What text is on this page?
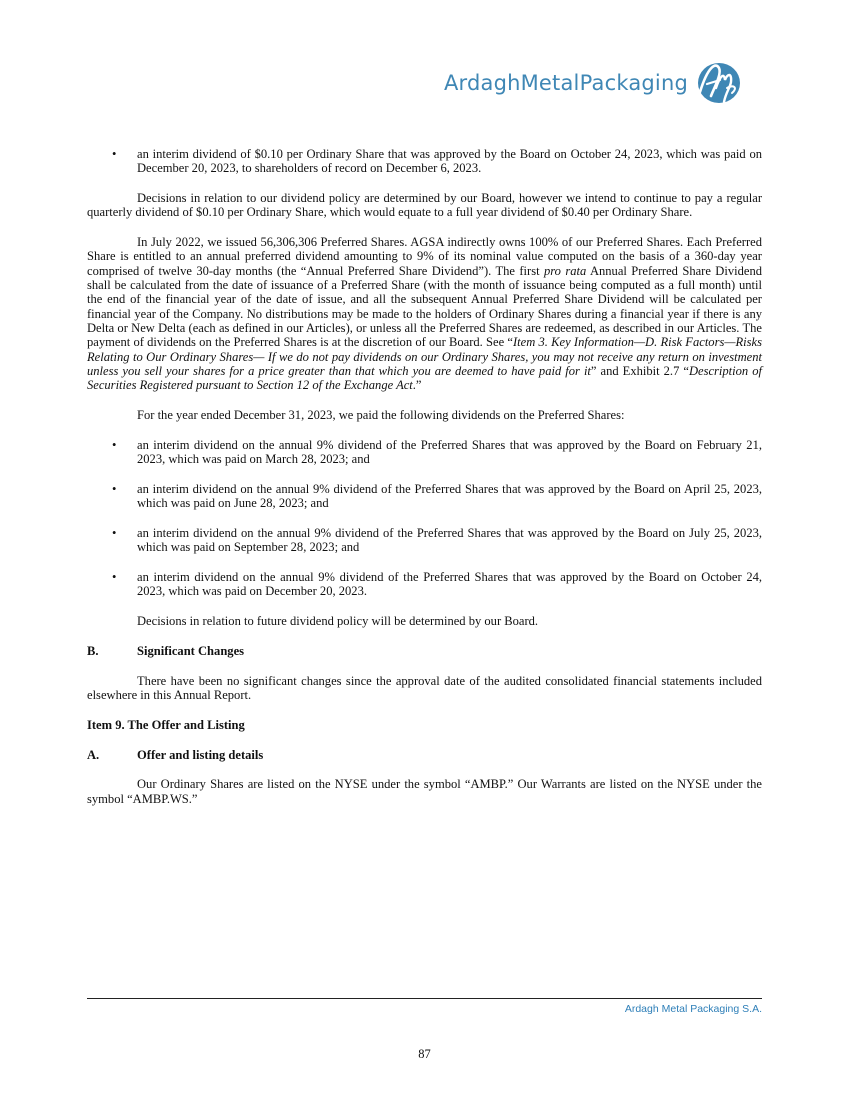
ArdaghMetalPackaging

• an interim dividend of $0.10 per Ordinary Share that was approved by the Board on October 24, 2023, which was paid on December 20, 2023, to shareholders of record on December 6, 2023.

Decisions in relation to our dividend policy are determined by our Board, however we intend to continue to pay a regular quarterly dividend of $0.10 per Ordinary Share, which would equate to a full year dividend of $0.40 per Ordinary Share.

In July 2022, we issued 56,306,306 Preferred Shares. AGSA indirectly owns 100% of our Preferred Shares. Each Preferred Share is entitled to an annual preferred dividend amounting to 9% of its nominal value computed on the basis of a 360-day year comprised of twelve 30-day months (the “Annual Preferred Share Dividend”). The first pro rata Annual Preferred Share Dividend shall be calculated from the date of issuance of a Preferred Share (with the month of issuance being computed as a full month) until the end of the financial year of the date of issue, and all the subsequent Annual Preferred Share Dividend will be calculated per financial year of the Company. No distributions may be made to the holders of Ordinary Shares during a financial year if there is any Delta or New Delta (each as defined in our Articles), or unless all the Preferred Shares are redeemed, as described in our Articles. The payment of dividends on the Preferred Shares is at the discretion of our Board. See “Item 3. Key Information—D. Risk Factors—Risks Relating to Our Ordinary Shares— If we do not pay dividends on our Ordinary Shares, you may not receive any return on investment unless you sell your shares for a price greater than that which you are deemed to have paid for it” and Exhibit 2.7 “Description of Securities Registered pursuant to Section 12 of the Exchange Act.”

For the year ended December 31, 2023, we paid the following dividends on the Preferred Shares:

• an interim dividend on the annual 9% dividend of the Preferred Shares that was approved by the Board on February 21, 2023, which was paid on March 28, 2023; and

• an interim dividend on the annual 9% dividend of the Preferred Shares that was approved by the Board on April 25, 2023, which was paid on June 28, 2023; and

• an interim dividend on the annual 9% dividend of the Preferred Shares that was approved by the Board on July 25, 2023, which was paid on September 28, 2023; and

• an interim dividend on the annual 9% dividend of the Preferred Shares that was approved by the Board on October 24, 2023, which was paid on December 20, 2023.

Decisions in relation to future dividend policy will be determined by our Board.

B.	Significant Changes

There have been no significant changes since the approval date of the audited consolidated financial statements included elsewhere in this Annual Report.

Item 9. The Offer and Listing

A.	Offer and listing details

Our Ordinary Shares are listed on the NYSE under the symbol “AMBP.” Our Warrants are listed on the NYSE under the symbol “AMBP.WS.”

Ardagh Metal Packaging S.A.
87
